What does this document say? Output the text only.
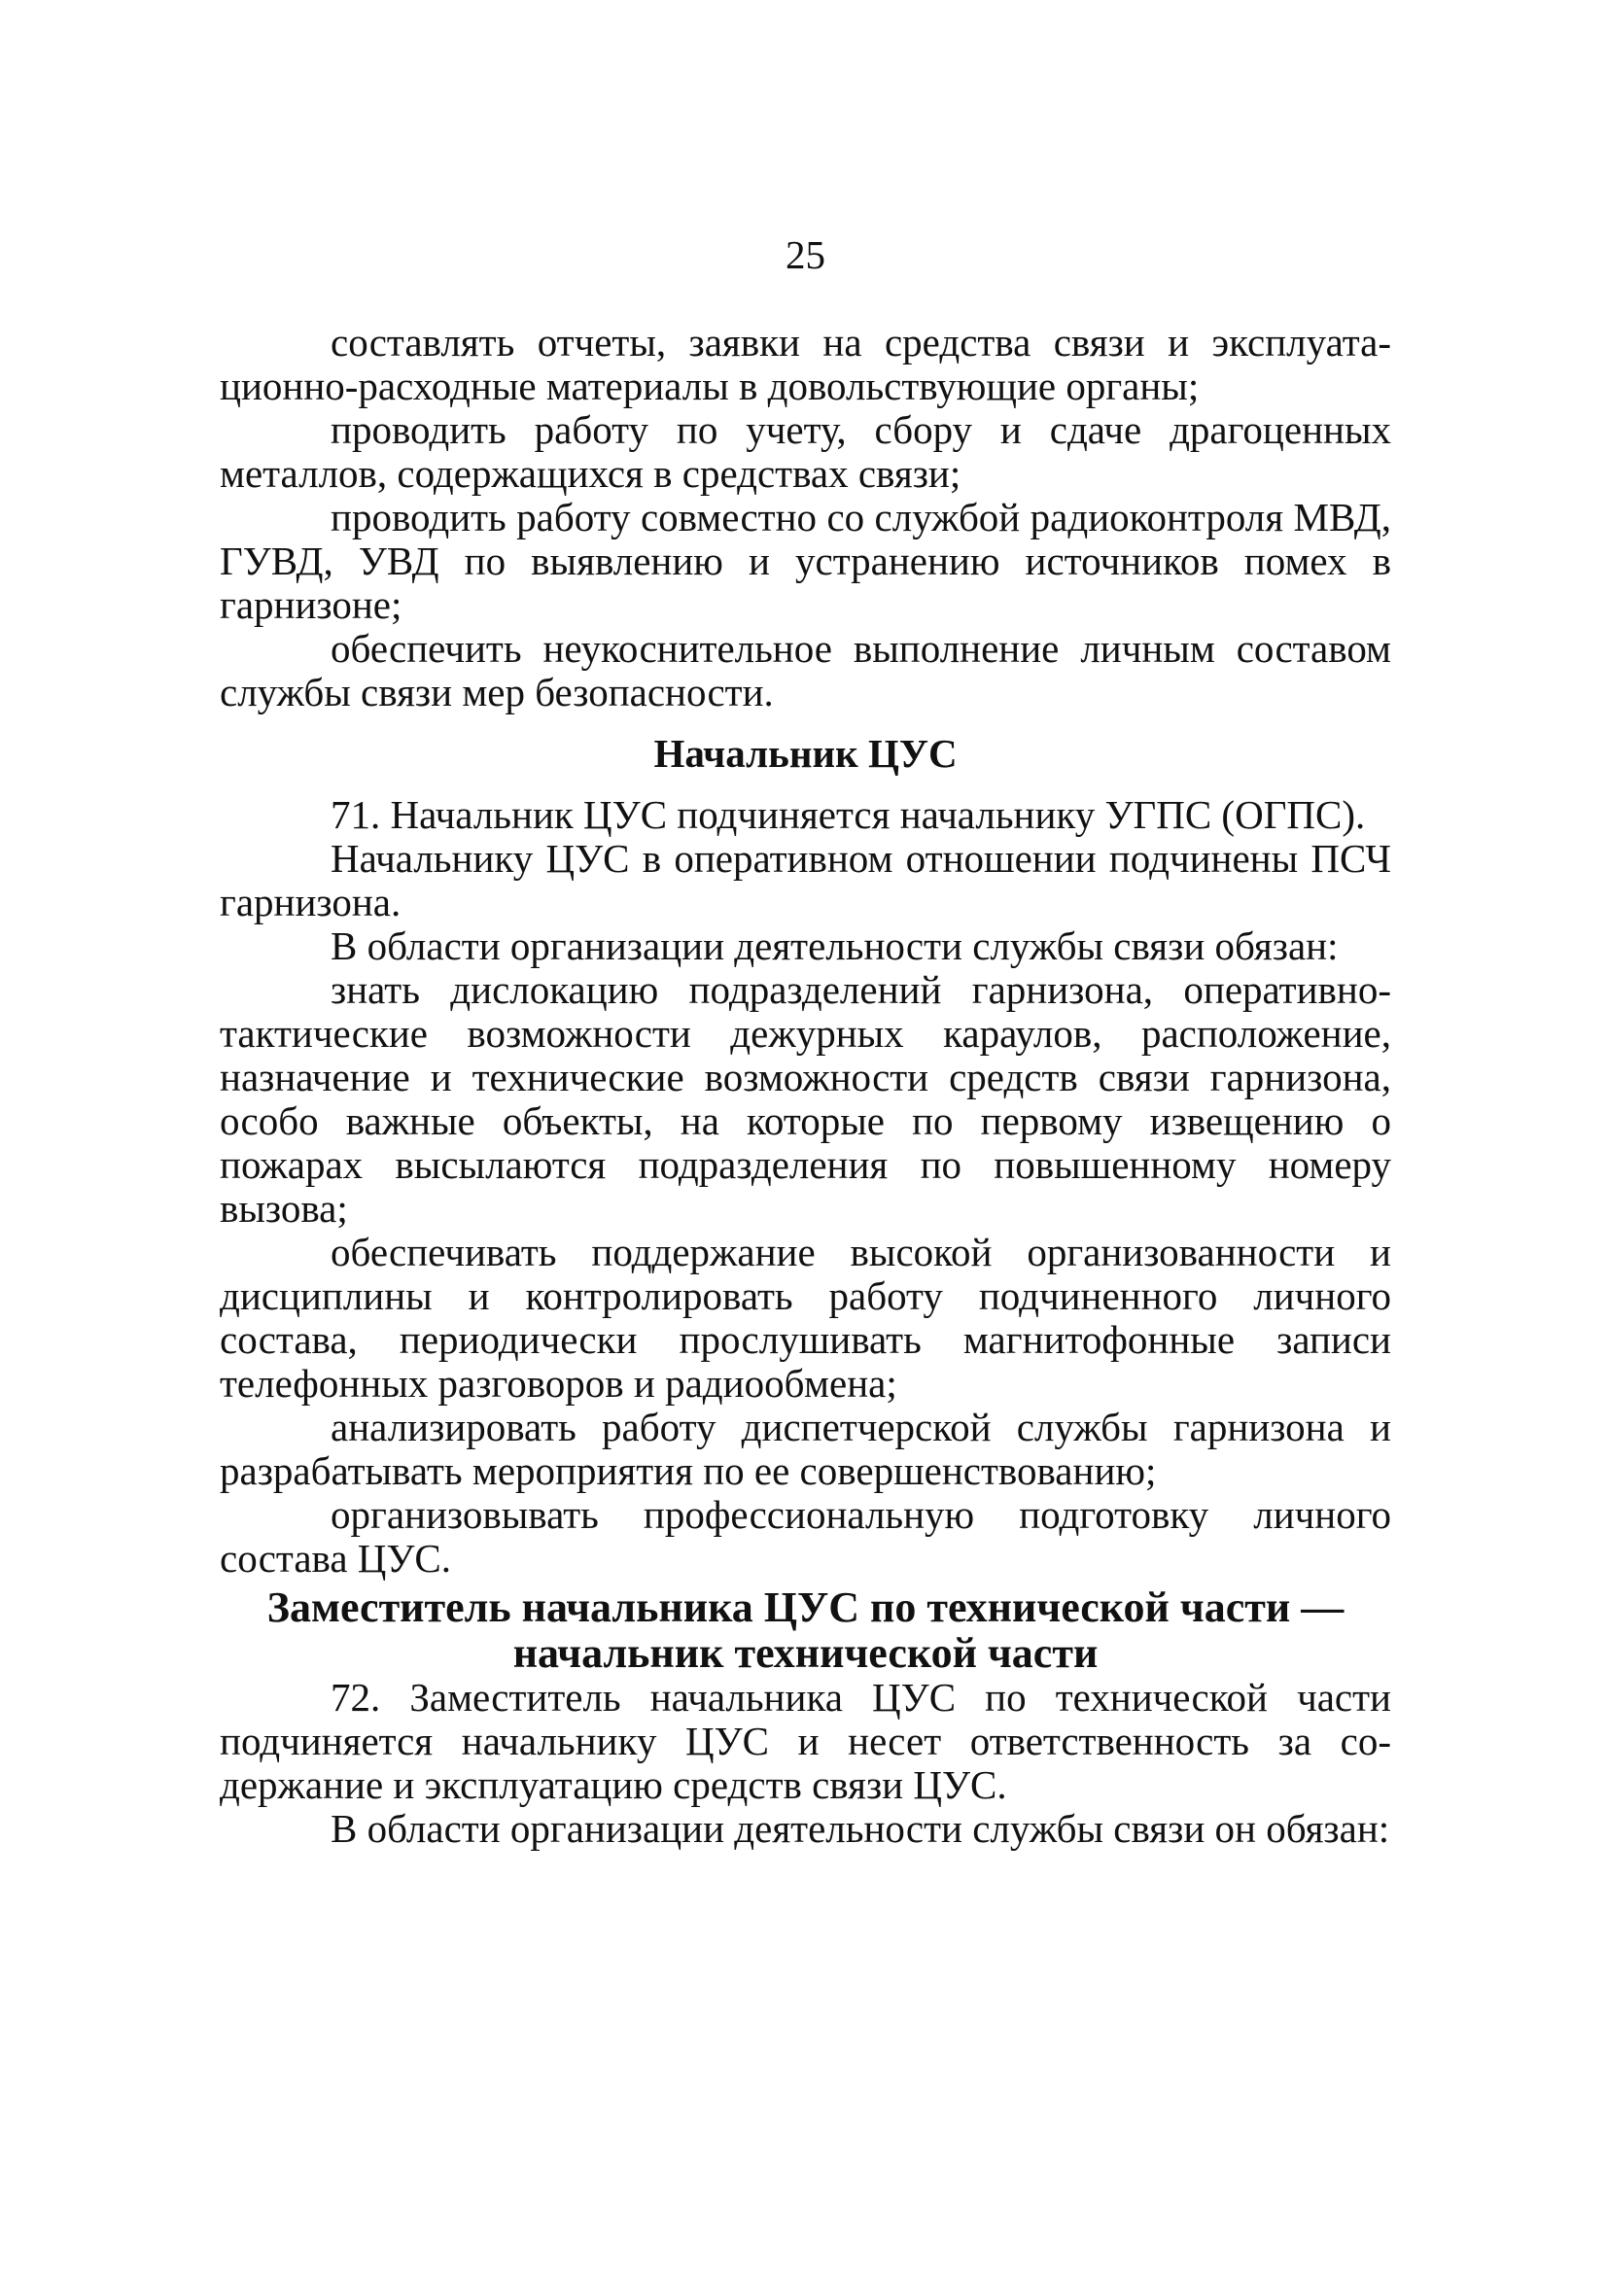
25

составлять отчеты, заявки на средства связи и эксплуатационно-расходные материалы в довольствующие органы;

проводить работу по учету, сбору и сдаче драгоценных металлов, содержащихся в средствах связи;

проводить работу совместно со службой радиоконтроля МВД, ГУВД, УВД по выявлению и устранению источников помех в гарнизоне;

обеспечить неукоснительное выполнение личным составом службы связи мер безопасности.

Начальник ЦУС

71. Начальник ЦУС подчиняется начальнику УГПС (ОГПС).

Начальнику ЦУС в оперативном отношении подчинены ПСЧ гарнизона.

В области организации деятельности службы связи обязан:

знать дислокацию подразделений гарнизона, оперативно-тактические возможности дежурных караулов, расположение, назначение и технические возможности средств связи гарнизона, особо важные объекты, на которые по первому извещению о пожарах высылаются подразделения по повышенному номеру вызова;

обеспечивать поддержание высокой организованности и дисциплины и контролировать работу подчиненного личного состава, периодически прослушивать магнитофонные записи телефонных разговоров и радиообмена;

анализировать работу диспетчерской службы гарнизона и разрабатывать мероприятия по ее совершенствованию;

организовывать профессиональную подготовку личного состава ЦУС.

Заместитель начальника ЦУС по технической части — начальник технической части

72. Заместитель начальника ЦУС по технической части подчиняется начальнику ЦУС и несет ответственность за содержание и эксплуатацию средств связи ЦУС.

В области организации деятельности службы связи он обязан:
